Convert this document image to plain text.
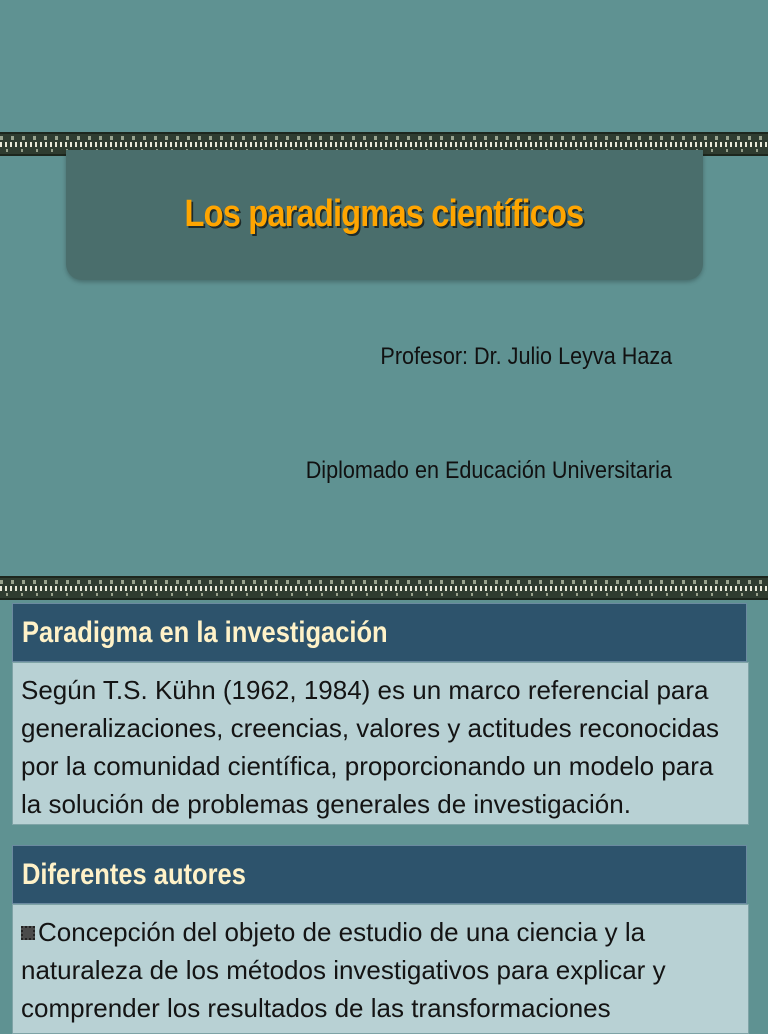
Los paradigmas científicos
Profesor: Dr. Julio Leyva Haza
Diplomado en Educación Universitaria
Paradigma en la investigación

Según T.S. Kühn (1962, 1984) es un marco referencial para generalizaciones, creencias, valores y actitudes reconocidas por la comunidad científica, proporcionando un modelo para la solución de problemas generales de investigación.

Diferentes autores

Concepción del objeto de estudio de una ciencia y la naturaleza de los métodos investigativos para explicar y comprender los resultados de las transformaciones
